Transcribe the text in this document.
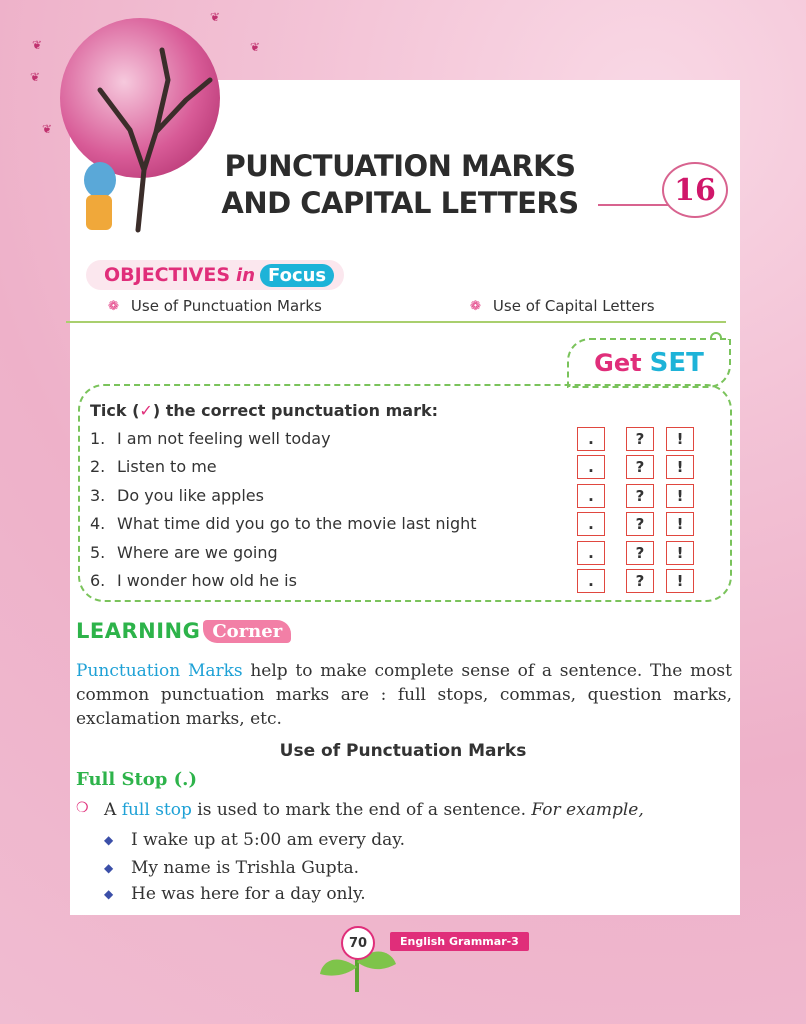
❦
❦
❦
❦
❦
PUNCTUATION MARKS
AND CAPITAL LETTERS	16
OBJECTIVES in Focus
❁ Use of Punctuation Marks	❁ Use of Capital Letters
Get SET
Tick (✓) the correct punctuation mark:
1. I am not feeling well today	.	?	!
2. Listen to me	.	?	!
3. Do you like apples	.	?	!
4. What time did you go to the movie last night	.	?	!
5. Where are we going	.	?	!
6. I wonder how old he is	.	?	!
LEARNING Corner
Punctuation Marks help to make complete sense of a sentence. The most common punctuation marks are : full stops, commas, question marks, exclamation marks, etc.
Use of Punctuation Marks
Full Stop (.)
❍ A full stop is used to mark the end of a sentence. For example,
◆	I wake up at 5:00 am every day.
◆	My name is Trishla Gupta.
◆	He was here for a day only.
70	English Grammar-3
